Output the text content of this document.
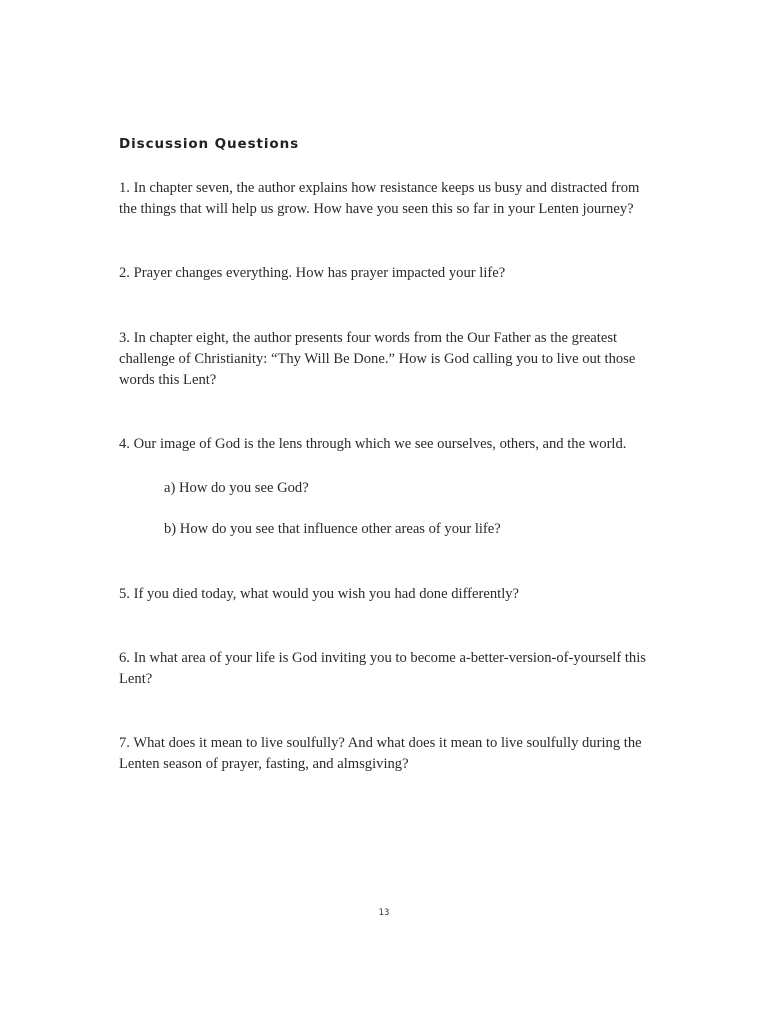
Discussion Questions

1. In chapter seven, the author explains how resistance keeps us busy and distracted from the things that will help us grow. How have you seen this so far in your Lenten journey?

2. Prayer changes everything. How has prayer impacted your life?

3. In chapter eight, the author presents four words from the Our Father as the greatest challenge of Christianity: “Thy Will Be Done.” How is God calling you to live out those words this Lent?

4. Our image of God is the lens through which we see ourselves, others, and the world.

a) How do you see God?

b) How do you see that influence other areas of your life?

5. If you died today, what would you wish you had done differently?

6. In what area of your life is God inviting you to become a-better-version-of-yourself this Lent?

7. What does it mean to live soulfully? And what does it mean to live soulfully during the Lenten season of prayer, fasting, and almsgiving?

13
